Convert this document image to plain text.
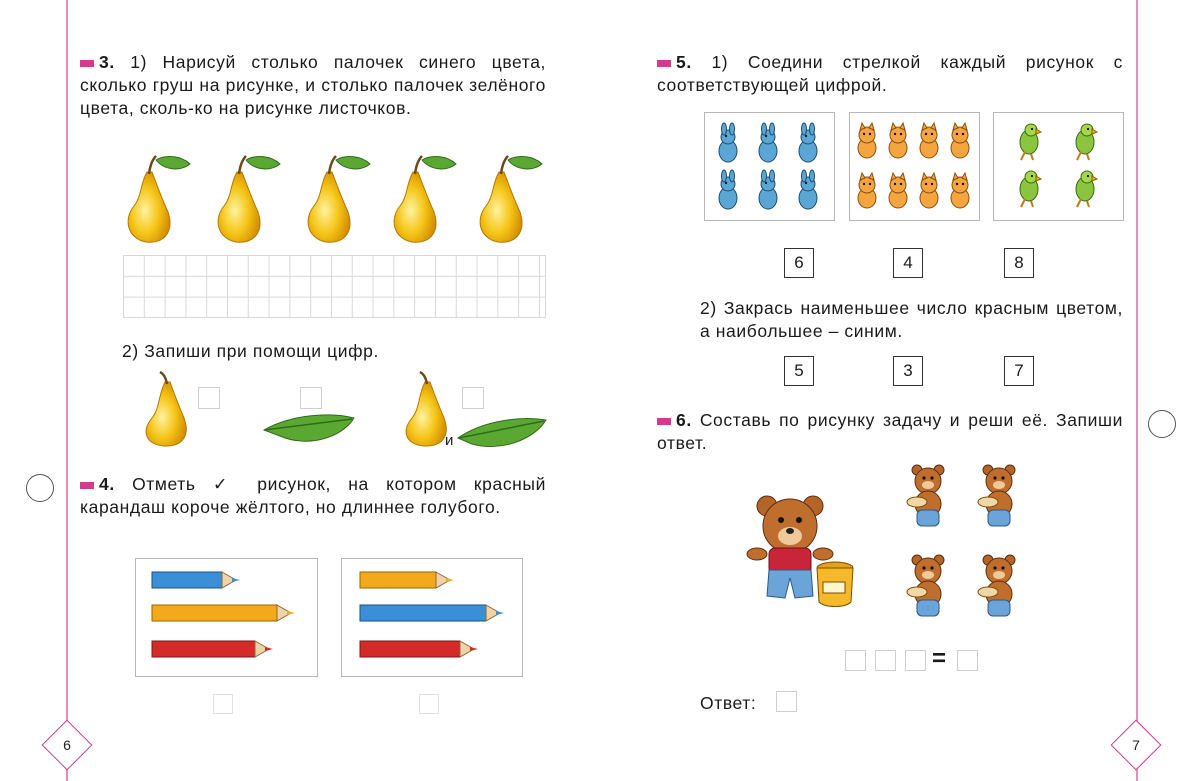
6	7
3. 1) Нарисуй столько палочек синего цвета, сколько груш на рисунке, и столько палочек зелёного цвета, сколь-ко на рисунке листочков.
2) Запиши при помощи цифр.
и
4. Отметь ✓ рисунок, на котором красный карандаш короче жёлтого, но длиннее голубого.
5. 1) Соедини стрелкой каждый рисунок с соответствующей цифрой.
6	4	8
2) Закрась наименьшее число красным цветом, а наибольшее – синим.
5	3	7
6. Составь по рисунку задачу и реши её. Запиши ответ.
=
Ответ:
